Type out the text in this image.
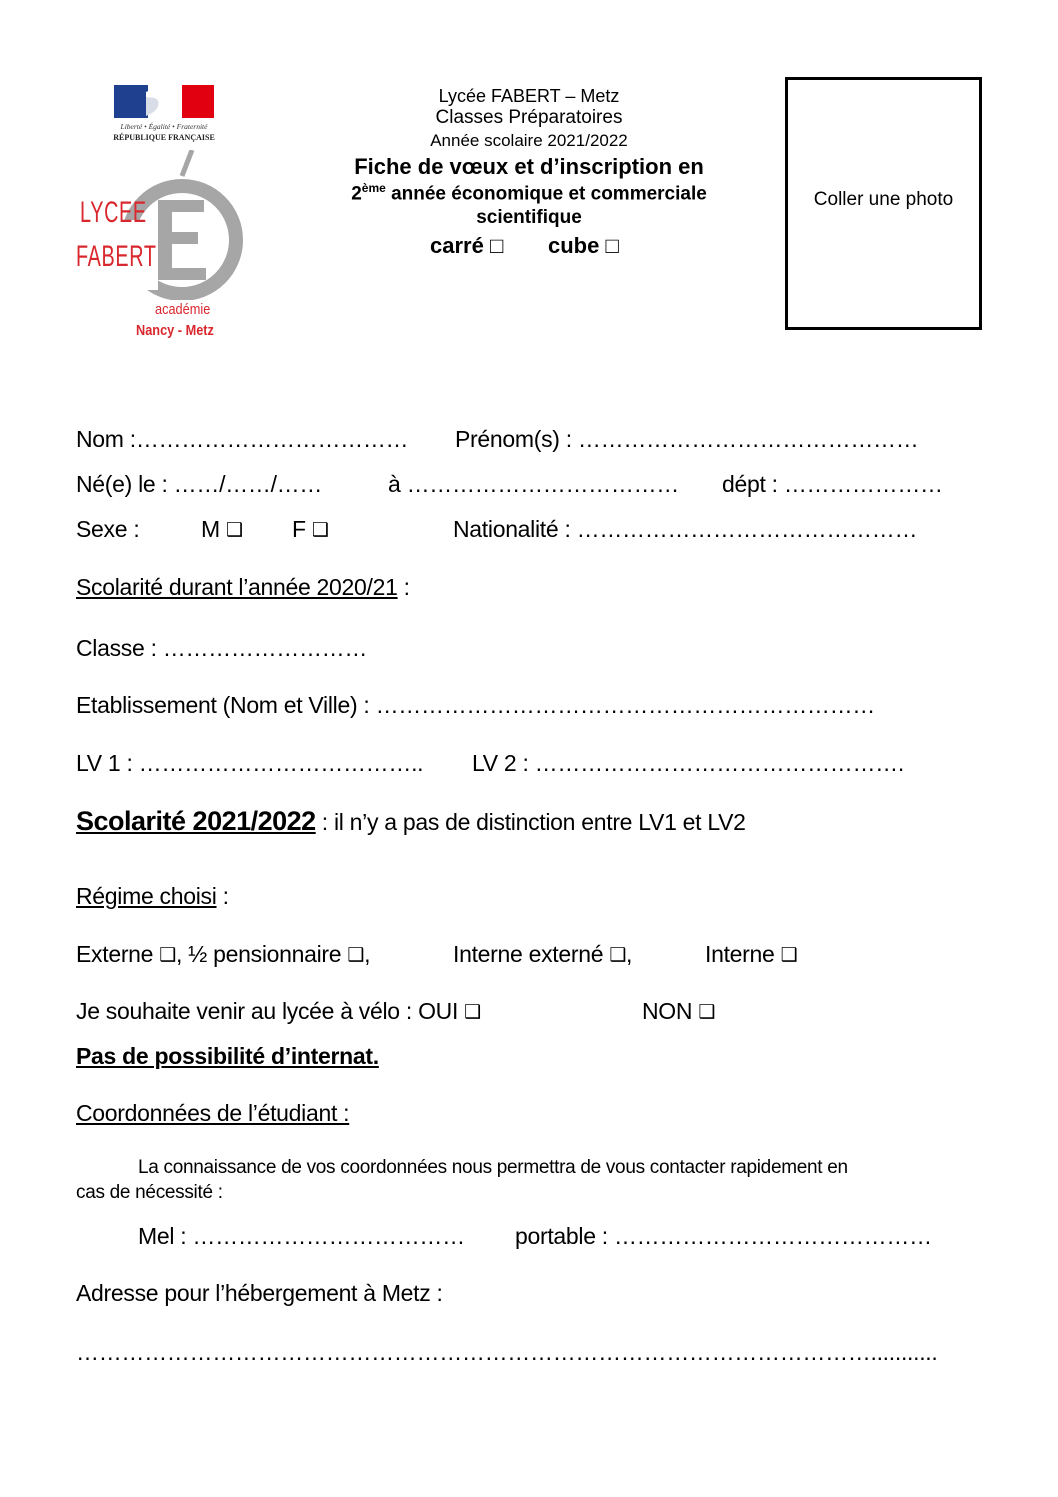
Liberté • Égalité • Fraternité
RÉPUBLIQUE FRANÇAISE
LYCEE
FABERT
académie
Nancy - Metz
Lycée FABERT – Metz
Classes Préparatoires
Année scolaire 2021/2022
Fiche de vœux et d’inscription en
2ème année économique et commerciale
scientifique
carré □ cube □
Coller une photo
Nom :……………………………… Prénom(s) : ………………………………………
Né(e) le : ……/……/……	à ……………………………… dépt : …………………
Sexe :	M ❑ F ❑	Nationalité : ………………………………………
Scolarité durant l’année 2020/21 :
Classe : ………………………
Etablissement (Nom et Ville) : …………………………………………………………
LV 1 : ……………………………….. LV 2 : ………………………………………….
Scolarité 2021/2022 : il n’y a pas de distinction entre LV1 et LV2
Régime choisi :
Externe ❑, ½ pensionnaire ❑,	Interne externé ❑,	Interne ❑
Je souhaite venir au lycée à vélo : OUI ❑	NON ❑
Pas de possibilité d’internat.
Coordonnées de l’étudiant :
La connaissance de vos coordonnées nous permettra de vous contacter rapidement en
cas de nécessité :
Mel : ……………………………… portable : ……………………………………
Adresse pour l’hébergement à Metz :
……………………………………………………………………………………………...........
